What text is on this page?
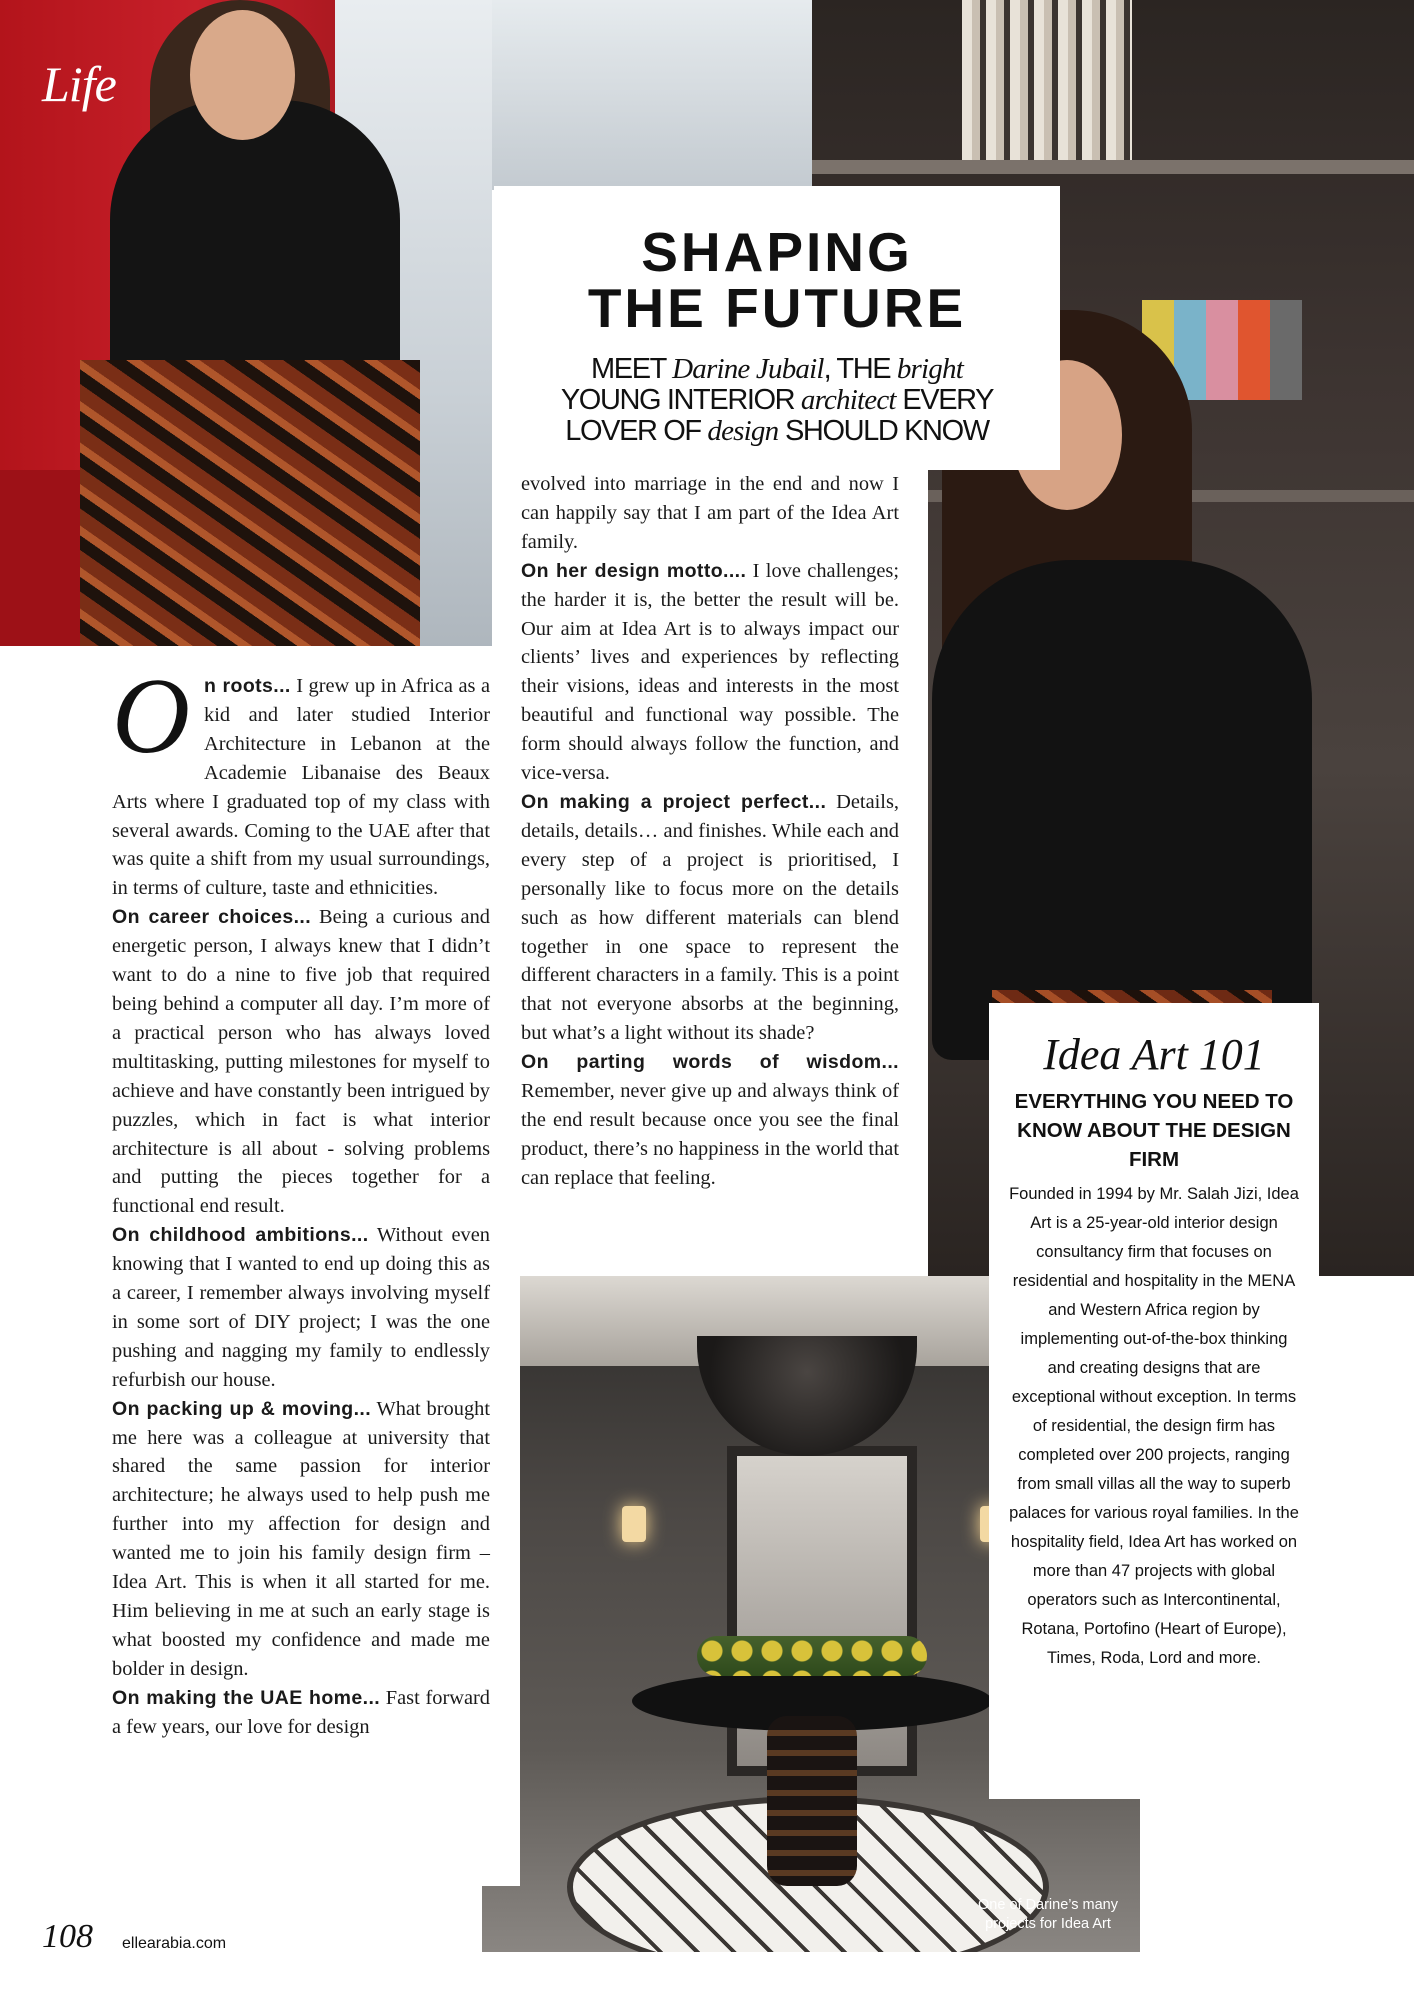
Life
SHAPING
THE FUTURE
MEET Darine Jubail, THE bright
YOUNG INTERIOR architect EVERY
LOVER OF design SHOULD KNOW

On roots... I grew up in Africa as a kid and later studied Interior Architecture in Lebanon at the Academie Libanaise des Beaux Arts where I graduated top of my class with several awards. Coming to the UAE after that was quite a shift from my usual surroundings, in terms of culture, taste and ethnicities.

On career choices... Being a curious and energetic person, I always knew that I didn’t want to do a nine to five job that required being behind a computer all day. I’m more of a practical person who has always loved multitasking, putting milestones for myself to achieve and have constantly been intrigued by puzzles, which in fact is what interior architecture is all about - solving problems and putting the pieces together for a functional end result.

On childhood ambitions... Without even knowing that I wanted to end up doing this as a career, I remember always involving myself in some sort of DIY project; I was the one pushing and nagging my family to endlessly refurbish our house.

On packing up & moving... What brought me here was a colleague at university that shared the same passion for interior architecture; he always used to help push me further into my affection for design and wanted me to join his family design firm – Idea Art. This is when it all started for me. Him believing in me at such an early stage is what boosted my confidence and made me bolder in design.

On making the UAE home... Fast forward a few years, our love for design

evolved into marriage in the end and now I can happily say that I am part of the Idea Art family.

On her design motto.... I love challenges; the harder it is, the better the result will be. Our aim at Idea Art is to always impact our clients’ lives and experiences by reflecting their visions, ideas and interests in the most beautiful and functional way possible. The form should always follow the function, and vice-versa.

On making a project perfect... Details, details, details… and finishes. While each and every step of a project is prioritised, I personally like to focus more on the details such as how different materials can blend together in one space to represent the different characters in a family. This is a point that not everyone absorbs at the beginning, but what’s a light without its shade?

On parting words of wisdom... Remember, never give up and always think of the end result because once you see the final product, there’s no happiness in the world that can replace that feeling.

Idea Art 101
EVERYTHING YOU NEED TO KNOW ABOUT THE DESIGN FIRM
Founded in 1994 by Mr. Salah Jizi, Idea Art is a 25-year-old interior design consultancy firm that focuses on residential and hospitality in the MENA and Western Africa region by implementing out-of-the-box thinking and creating designs that are exceptional without exception. In terms of residential, the design firm has completed over 200 projects, ranging from small villas all the way to superb palaces for various royal families. In the hospitality field, Idea Art has worked on more than 47 projects with global operators such as Intercontinental, Rotana, Portofino (Heart of Europe), Times, Roda, Lord and more.
One of Darine’s many
projects for Idea Art
108 ellearabia.com
